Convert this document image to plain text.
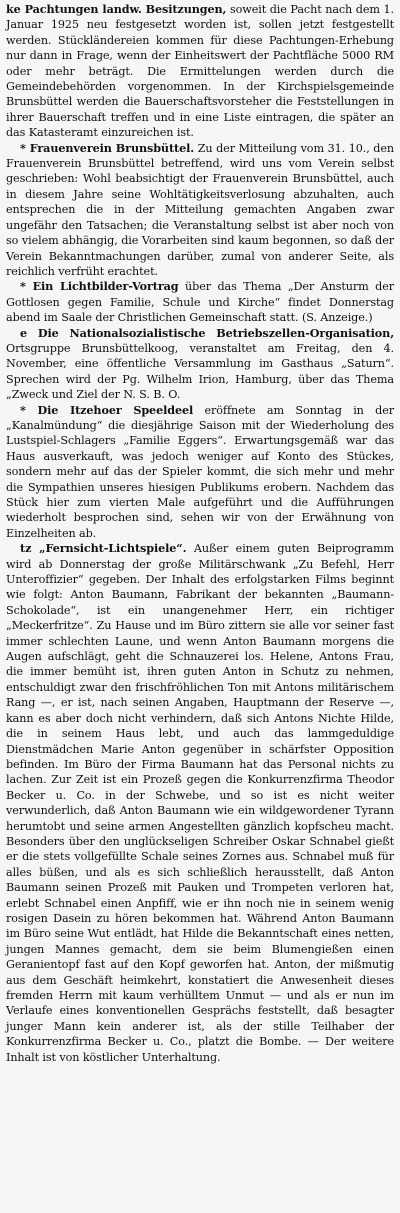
ke Pachtungen landw. Besitzungen, soweit die Pacht nach dem 1. Januar 1925 neu festgesetzt worden ist, sollen jetzt festgestellt werden. Stückländereien kommen für diese Pachtungen-Erhebung nur dann in Frage, wenn der Einheitswert der Pachtfläche 5000 RM oder mehr beträgt. Die Ermittelungen werden durch die Gemeindebehörden vorgenommen. In der Kirchspielsgemeinde Brunsbüttel werden die Bauerschaftsvorsteher die Feststellungen in ihrer Bauerschaft treffen und in eine Liste eintragen, die später an das Katasteramt einzureichen ist.

* Frauenverein Brunsbüttel. Zu der Mitteilung vom 31. 10., den Frauenverein Brunsbüttel betreffend, wird uns vom Verein selbst geschrieben: Wohl beabsichtigt der Frauenverein Brunsbüttel, auch in diesem Jahre seine Wohltätigkeitsverlosung abzuhalten, auch entsprechen die in der Mitteilung gemachten Angaben zwar ungefähr den Tatsachen; die Veranstaltung selbst ist aber noch von so vielem abhängig, die Vorarbeiten sind kaum begonnen, so daß der Verein Bekanntmachungen darüber, zumal von anderer Seite, als reichlich verfrüht erachtet.

* Ein Lichtbilder-Vortrag über das Thema „Der Ansturm der Gottlosen gegen Familie, Schule und Kirche“ findet Donnerstag abend im Saale der Christlichen Gemeinschaft statt. (S. Anzeige.)

e Die Nationalsozialistische Betriebszellen-Organisation, Ortsgruppe Brunsbüttelkoog, veranstaltet am Freitag, den 4. November, eine öffentliche Versammlung im Gasthaus „Saturn“. Sprechen wird der Pg. Wilhelm Irion, Hamburg, über das Thema „Zweck und Ziel der N. S. B. O.

* Die Itzehoer Speeldeel eröffnete am Sonntag in der „Kanalmündung“ die diesjährige Saison mit der Wiederholung des Lustspiel-Schlagers „Familie Eggers“. Erwartungsgemäß war das Haus ausverkauft, was jedoch weniger auf Konto des Stückes, sondern mehr auf das der Spieler kommt, die sich mehr und mehr die Sympathien unseres hiesigen Publikums erobern. Nachdem das Stück hier zum vierten Male aufgeführt und die Aufführungen wiederholt besprochen sind, sehen wir von der Erwähnung von Einzelheiten ab.

tz „Fernsicht-Lichtspiele“. Außer einem guten Beiprogramm wird ab Donnerstag der große Militärschwank „Zu Befehl, Herr Unteroffizier“ gegeben. Der Inhalt des erfolgstarken Films beginnt wie folgt: Anton Baumann, Fabrikant der bekannten „Baumann-Schokolade“, ist ein unangenehmer Herr, ein richtiger „Meckerfritze“. Zu Hause und im Büro zittern sie alle vor seiner fast immer schlechten Laune, und wenn Anton Baumann morgens die Augen aufschlägt, geht die Schnauzerei los. Helene, Antons Frau, die immer bemüht ist, ihren guten Anton in Schutz zu nehmen, entschuldigt zwar den frischfröhlichen Ton mit Antons militärischem Rang —, er ist, nach seinen Angaben, Hauptmann der Reserve —, kann es aber doch nicht verhindern, daß sich Antons Nichte Hilde, die in seinem Haus lebt, und auch das lammgeduldige Dienstmädchen Marie Anton gegenüber in schärfster Opposition befinden. Im Büro der Firma Baumann hat das Personal nichts zu lachen. Zur Zeit ist ein Prozeß gegen die Konkurrenzfirma Theodor Becker u. Co. in der Schwebe, und so ist es nicht weiter verwunderlich, daß Anton Baumann wie ein wildgewordener Tyrann herumtobt und seine armen Angestellten gänzlich kopfscheu macht. Besonders über den unglückseligen Schreiber Oskar Schnabel gießt er die stets vollgefüllte Schale seines Zornes aus. Schnabel muß für alles büßen, und als es sich schließlich herausstellt, daß Anton Baumann seinen Prozeß mit Pauken und Trompeten verloren hat, erlebt Schnabel einen Anpfiff, wie er ihn noch nie in seinem wenig rosigen Dasein zu hören bekommen hat. Während Anton Baumann im Büro seine Wut entlädt, hat Hilde die Bekanntschaft eines netten, jungen Mannes gemacht, dem sie beim Blumengießen einen Geranientopf fast auf den Kopf geworfen hat. Anton, der mißmutig aus dem Geschäft heimkehrt, konstatiert die Anwesenheit dieses fremden Herrn mit kaum verhülltem Unmut — und als er nun im Verlaufe eines konventionellen Gesprächs feststellt, daß besagter junger Mann kein anderer ist, als der stille Teilhaber der Konkurrenzfirma Becker u. Co., platzt die Bombe. — Der weitere Inhalt ist von köstlicher Unterhaltung.
